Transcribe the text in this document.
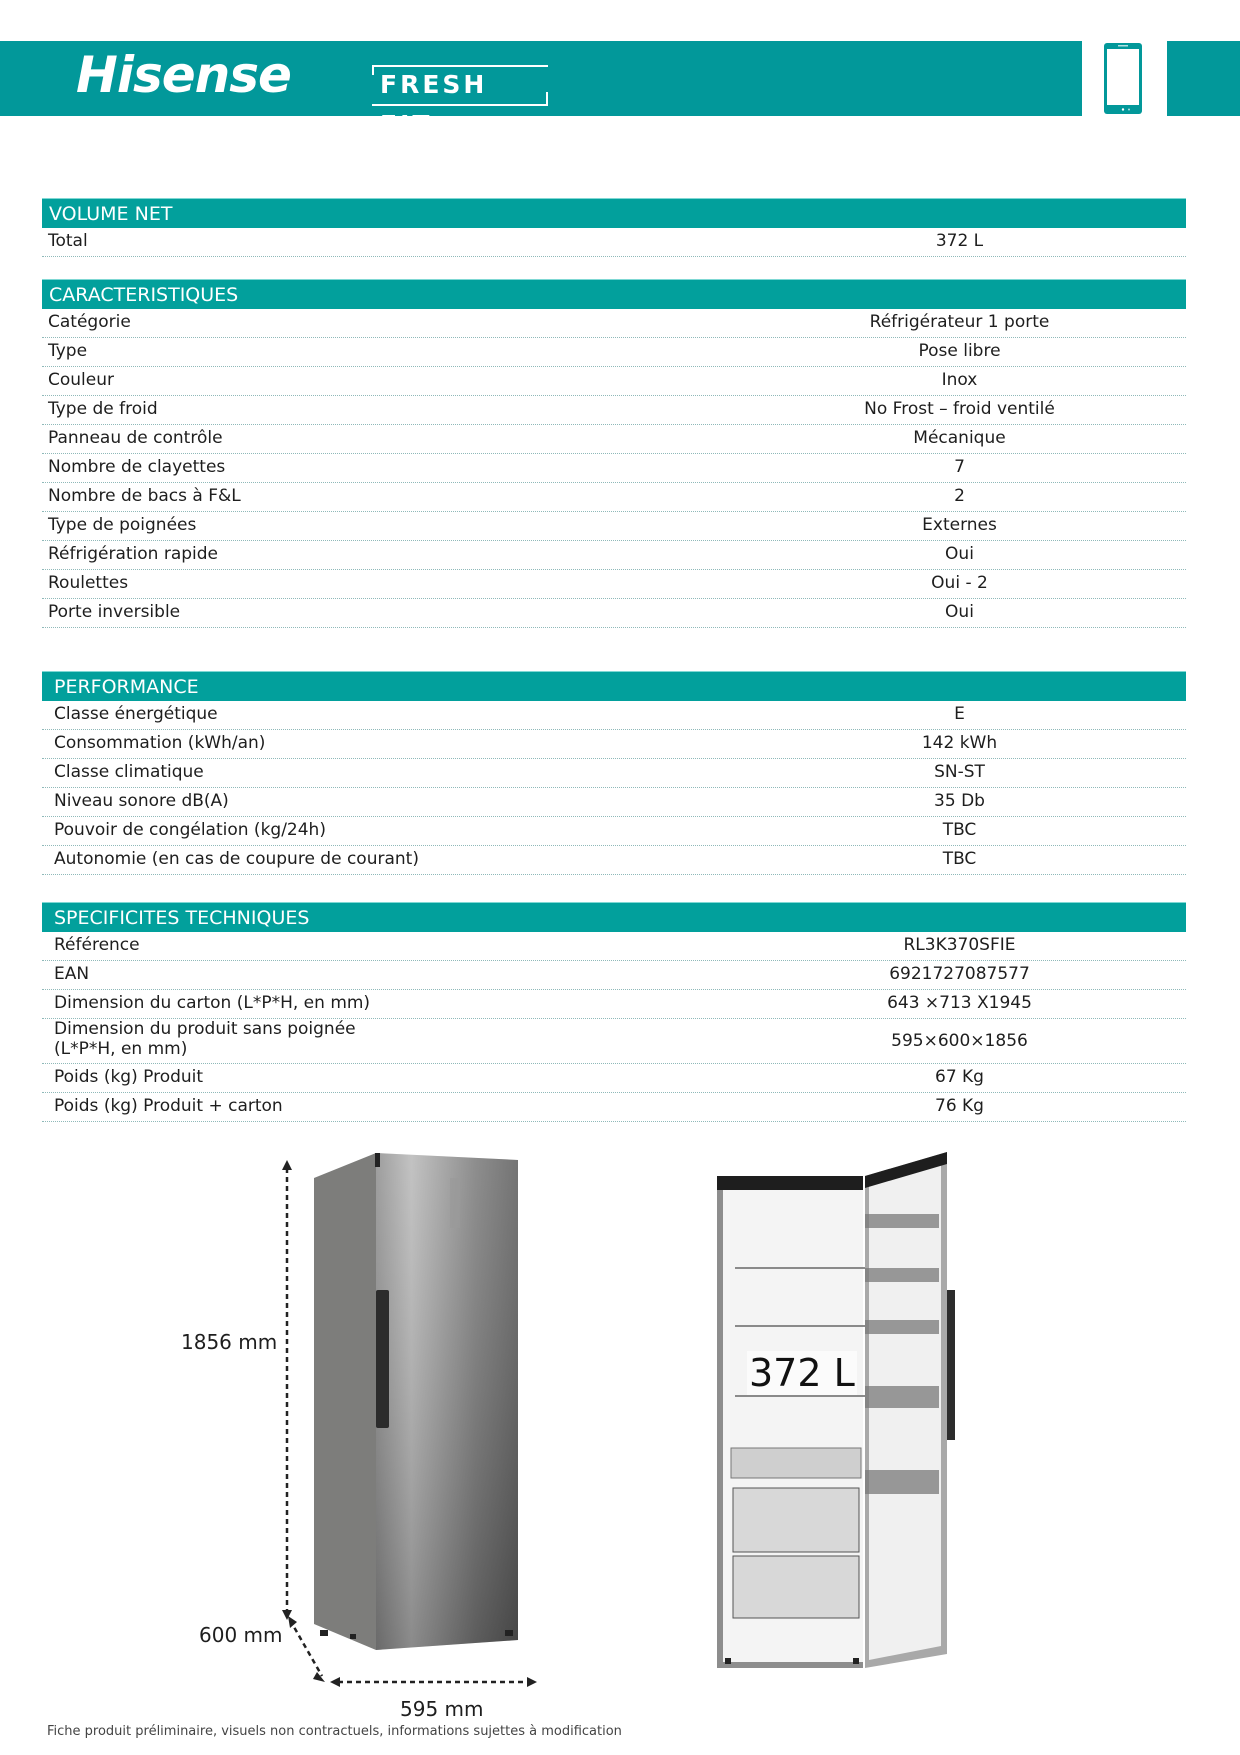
Hisense	FRESH FIT
VOLUME NET
Total	372 L
CARACTERISTIQUES
Catégorie	Réfrigérateur 1 porte
Type	Pose libre
Couleur	Inox
Type de froid	No Frost – froid ventilé
Panneau de contrôle	Mécanique
Nombre de clayettes	7
Nombre de bacs à F&L	2
Type de poignées	Externes
Réfrigération rapide	Oui
Roulettes	Oui - 2
Porte inversible	Oui
PERFORMANCE
Classe énergétique	E
Consommation (kWh/an)	142 kWh
Classe climatique	SN-ST
Niveau sonore dB(A)	35 Db
Pouvoir de congélation (kg/24h)	TBC
Autonomie (en cas de coupure de courant)	TBC
SPECIFICITES TECHNIQUES
Référence	RL3K370SFIE
EAN	6921727087577
Dimension du carton (L*P*H, en mm)	643 ×713 X1945
Dimension du produit sans poignée (L*P*H, en mm)	595×600×1856
Poids (kg) Produit	67 Kg
Poids (kg) Produit + carton	76 Kg
1856 mm
600 mm
595 mm
372 L
Fiche produit préliminaire, visuels non contractuels, informations sujettes à modification
